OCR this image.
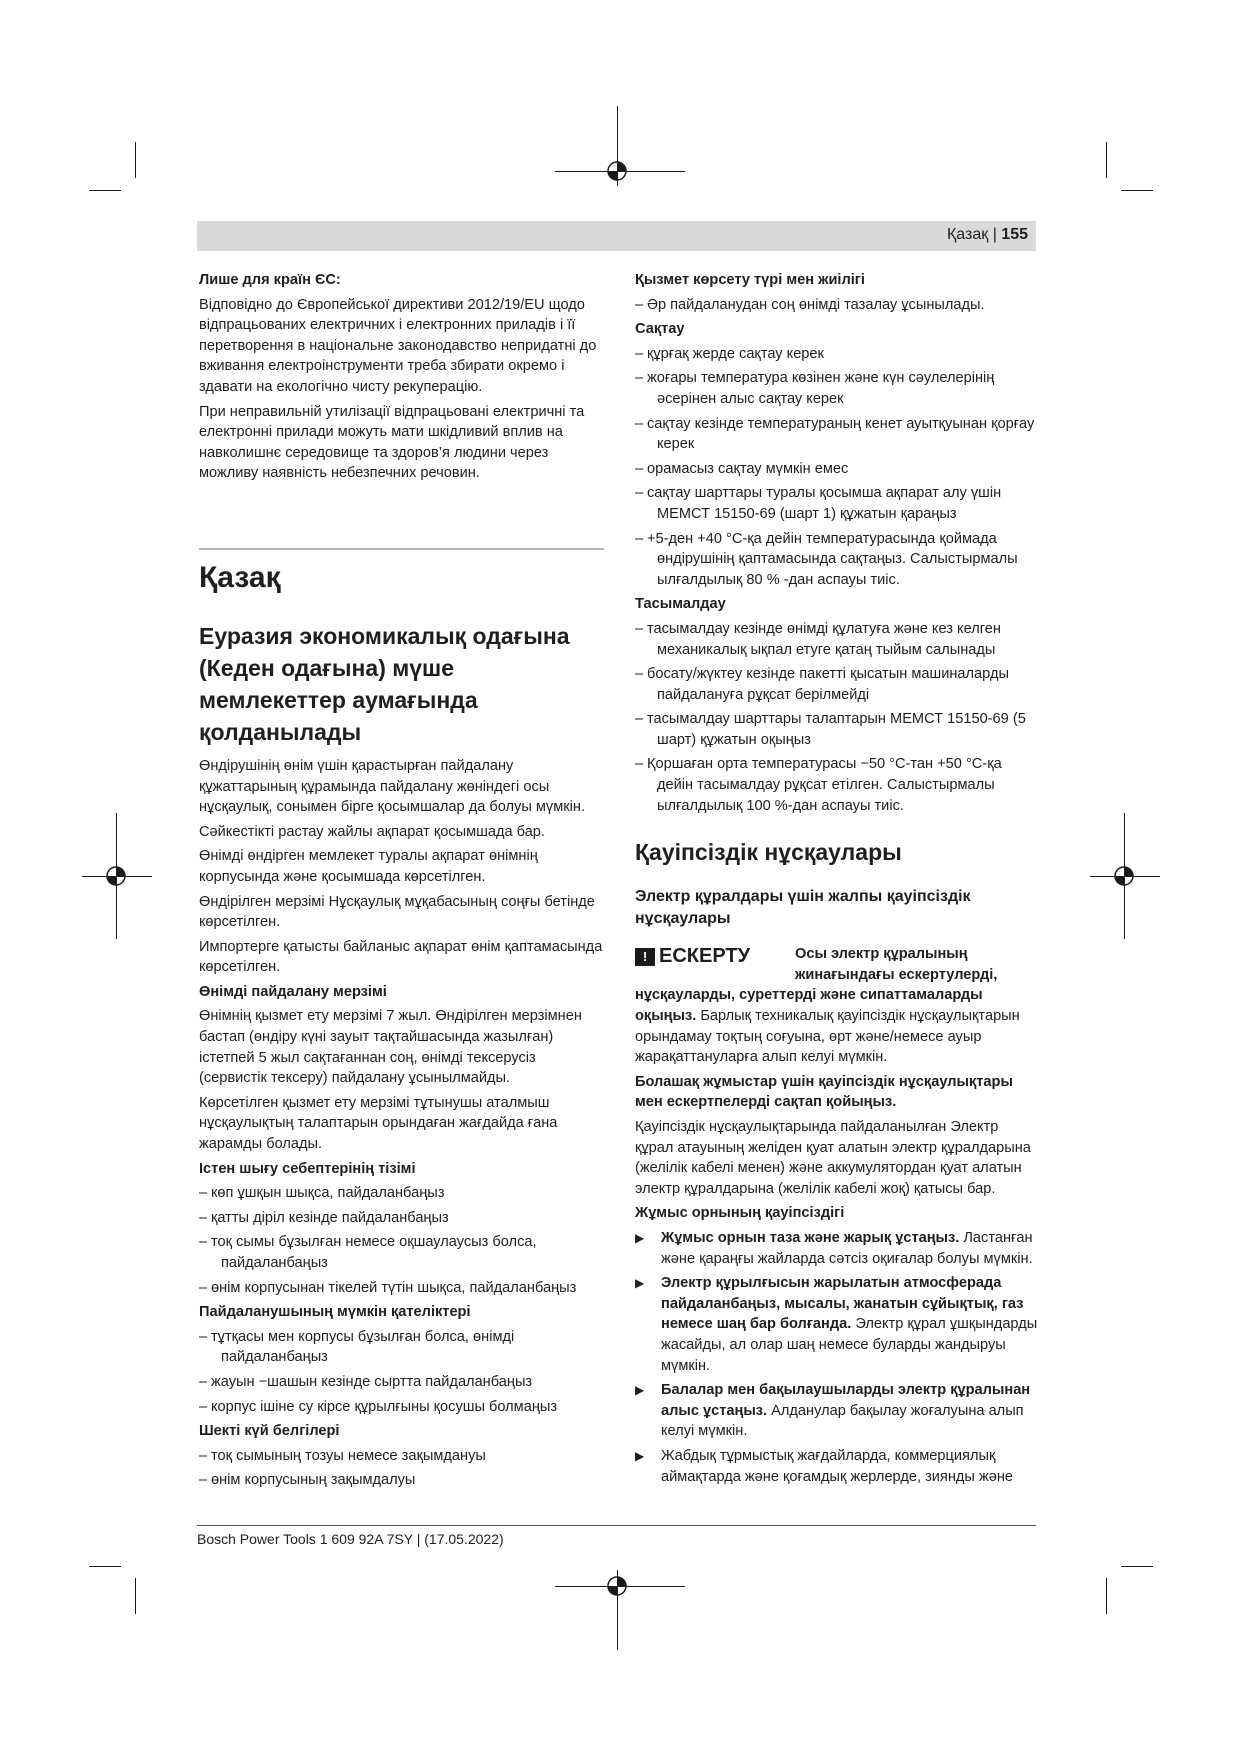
Қазақ | 155

Лише для країн ЄС:

Відповідно до Європейської директиви 2012/19/EU щодо відпрацьованих електричних і електронних приладів і її перетворення в національне законодавство непридатні до вживання електроінструменти треба збирати окремо і здавати на екологічно чисту рекуперацію.

При неправильній утилізації відпрацьовані електричні та електронні прилади можуть мати шкідливий вплив на навколишнє середовище та здоров’я людини через можливу наявність небезпечних речовин.

Қазақ

Еуразия экономикалық одағына (Кеден одағына) мүше мемлекеттер аумағында қолданылады

Өндірушінің өнім үшін қарастырған пайдалану құжаттарының құрамында пайдалану жөніндегі осы нұсқаулық, сонымен бірге қосымшалар да болуы мүмкін.

Сәйкестікті растау жайлы ақпарат қосымшада бар.

Өнімді өндірген мемлекет туралы ақпарат өнімнің корпусында және қосымшада көрсетілген.

Өндірілген мерзімі Нұсқаулық мұқабасының соңғы бетінде көрсетілген.

Импортерге қатысты байланыс ақпарат өнім қаптамасында көрсетілген.

Өнімді пайдалану мерзімі

Өнімнің қызмет ету мерзімі 7 жыл. Өндірілген мерзімнен бастап (өндіру күні зауыт тақтайшасында жазылған) істетпей 5 жыл сақтағаннан соң, өнімді тексерусіз (сервистік тексеру) пайдалану ұсынылмайды.

Көрсетілген қызмет ету мерзімі тұтынушы аталмыш нұсқаулықтың талаптарын орындаған жағдайда ғана жарамды болады.

Істен шығу себептерінің тізімі

– көп ұшқын шықса, пайдаланбаңыз

– қатты діріл кезінде пайдаланбаңыз

– тоқ сымы бұзылған немесе оқшаулаусыз болса, пайдаланбаңыз

– өнім корпусынан тікелей түтін шықса, пайдаланбаңыз

Пайдаланушының мүмкін қателіктері

– тұтқасы мен корпусы бұзылған болса, өнімді пайдаланбаңыз

– жауын −шашын кезінде сыртта пайдаланбаңыз

– корпус ішіне су кірсе құрылғыны қосушы болмаңыз

Шекті күй белгілері

– тоқ сымының тозуы немесе зақымдануы

– өнім корпусының зақымдалуы

Қызмет көрсету түрі мен жиілігі

– Әр пайдаланудан соң өнімді тазалау ұсынылады.

Сақтау

– құрғақ жерде сақтау керек

– жоғары температура көзінен және күн сәулелерінің әсерінен алыс сақтау керек

– сақтау кезінде температураның кенет ауытқуынан қорғау керек

– орамасыз сақтау мүмкін емес

– сақтау шарттары туралы қосымша ақпарат алу үшін МЕМСТ 15150-69 (шарт 1) құжатын қараңыз

– +5-ден +40 °C-қа дейін температурасында қоймада өндірушінің қаптамасында сақтаңыз. Салыстырмалы ылғалдылық 80 % -дан аспауы тиіс.

Тасымалдау

– тасымалдау кезінде өнімді құлатуға және кез келген механикалық ықпал етуге қатаң тыйым салынады

– босату/жүктеу кезінде пакетті қысатын машиналарды пайдалануға рұқсат берілмейді

– тасымалдау шарттары талаптарын МЕМСТ 15150-69 (5 шарт) құжатын оқыңыз

– Қоршаған орта температурасы −50 °C-тан +50 °C-қа дейін тасымалдау рұқсат етілген. Салыстырмалы ылғалдылық 100 %-дан аспауы тиіс.

Қауіпсіздік нұсқаулары

Электр құралдары үшін жалпы қауіпсіздік нұсқаулары

! ЕСКЕРТУ	Осы электр құралының жинағындағы ескертулерді,

нұсқауларды, суреттерді және сипаттамаларды оқыңыз. Барлық техникалық қауіпсіздік нұсқаулықтарын орындамау тоқтың соғуына, өрт және/немесе ауыр жарақаттануларға алып келуі мүмкін.

Болашақ жұмыстар үшін қауіпсіздік нұсқаулықтары мен ескертпелерді сақтап қойыңыз.

Қауіпсіздік нұсқаулықтарында пайдаланылған Электр құрал атауының желіден қуат алатын электр құралдарына (желілік кабелі менен) және аккумулятордан қуат алатын электр құралдарына (желілік кабелі жоқ) қатысы бар.

Жұмыс орнының қауіпсіздігі

▶ Жұмыс орнын таза және жарық ұстаңыз. Ластанған және қараңғы жайларда сәтсіз оқиғалар болуы мүмкін.

▶ Электр құрылғысын жарылатын атмосферада пайдаланбаңыз, мысалы, жанатын сұйықтық, газ немесе шаң бар болғанда. Электр құрал ұшқындарды жасайды, ал олар шаң немесе буларды жандыруы мүмкін.

▶ Балалар мен бақылаушыларды электр құралынан алыс ұстаңыз. Алданулар бақылау жоғалуына алып келуі мүмкін.

▶ Жабдық тұрмыстық жағдайларда, коммерциялық аймақтарда және қоғамдық жерлерде, зиянды және

Bosch Power Tools 1 609 92A 7SY | (17.05.2022)
